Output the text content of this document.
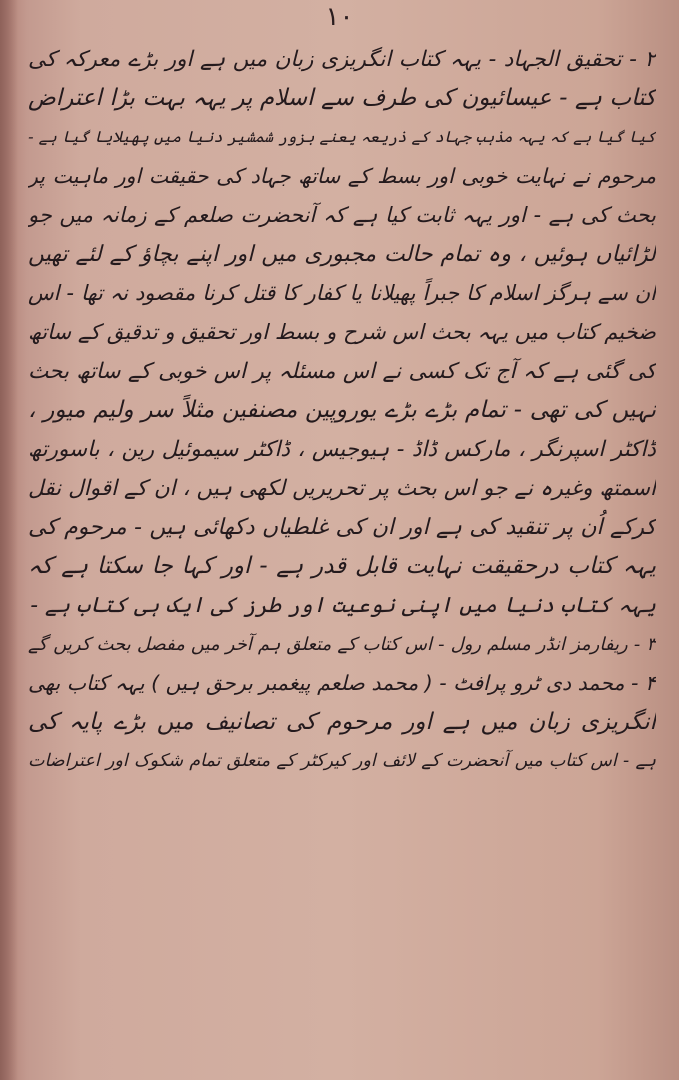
۱۰
۲ - تحقیق الجہاد - یہہ کتاب انگریزی زبان میں ہے اور بڑے معرکہ کی
کتاب ہے - عیسائیون کی طرف سے اسلام پر یہہ بہت بڑا اعتراض
کیا گیا ہے کہ یہہ مذہب جہاد کے ذریعہ یعنے بزور شمشیر دنیا میں پھیلایا گیا ہے -
مرحوم نے نہایت خوبی اور بسط کے ساتھ جہاد کی حقیقت اور ماہیت پر
بحث کی ہے - اور یہہ ثابت کیا ہے کہ آنحضرت صلعم کے زمانہ میں جو
لڑائیاں ہوئیں ، وہ تمام حالت مجبوری میں اور اپنے بچاؤ کے لئے تھیں
ان سے ہرگز اسلام کا جبراً پھیلانا یا کفار کا قتل کرنا مقصود نہ تھا - اس
ضخیم کتاب میں یہہ بحث اس شرح و بسط اور تحقیق و تدقیق کے ساتھ
کی گئی ہے کہ آج تک کسی نے اس مسئلہ پر اس خوبی کے ساتھ بحث
نہیں کی تھی - تمام بڑے بڑے یوروپین مصنفین مثلاً سر ولیم میور ،
ڈاکٹر اسپرنگر ، مارکس ڈاڈ - ہیوجیس ، ڈاکٹر سیموئیل رین ، باسورتھ
اسمتھ وغیرہ نے جو اس بحث پر تحریریں لکھی ہیں ، ان کے اقوال نقل
کرکے اُن پر تنقید کی ہے اور ان کی غلطیاں دکھائی ہیں - مرحوم کی
یہہ کتاب درحقیقت نہایت قابل قدر ہے - اور کہا جا سکتا ہے کہ
یہہ کتاب دنیا میں اپنی نوعیت اور طرز کی ایک ہی کتاب ہے -
۳ - ریفارمز انڈر مسلم رول - اس کتاب کے متعلق ہم آخر میں مفصل بحث کریں گے
۴ - محمد دی ٹرو پرافٹ - ( محمد صلعم پیغمبر برحق ہیں ) یہہ کتاب بھی
انگریزی زبان میں ہے اور مرحوم کی تصانیف میں بڑے پایہ کی
ہے - اس کتاب میں آنحضرت کے لائف اور کیرکٹر کے متعلق تمام شکوک اور اعتراضات
